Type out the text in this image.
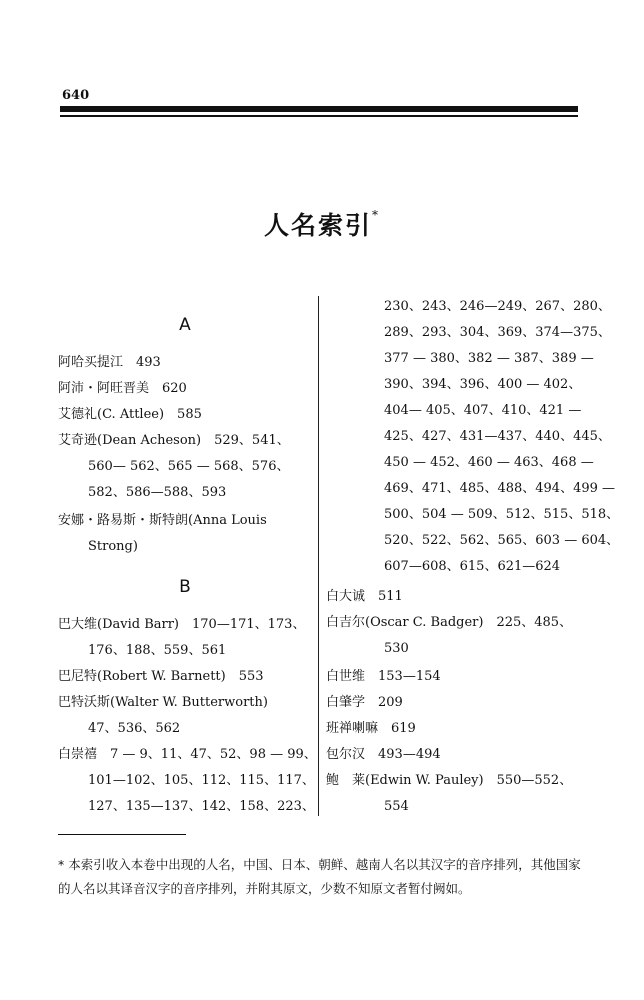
640
人名索引*
A
阿哈买提江　493
阿沛・阿旺晋美　620
艾德礼(C. Attlee)　585
艾奇逊(Dean Acheson)　529、541、
560— 562、565 — 568、576、
582、586—588、593
安娜・路易斯・斯特朗(Anna Louis
Strong)
B
巴大维(David Barr)　170—171、173、
176、188、559、561
巴尼特(Robert W. Barnett)　553
巴特沃斯(Walter W. Butterworth)
47、536、562
白崇禧　7 — 9、11、47、52、98 — 99、
101—102、105、112、115、117、
127、135—137、142、158、223、
230、243、246—249、267、280、
289、293、304、369、374—375、
377 — 380、382 — 387、389 —
390、394、396、400 — 402、
404— 405、407、410、421 —
425、427、431—437、440、445、
450 — 452、460 — 463、468 —
469、471、485、488、494、499 —
500、504 — 509、512、515、518、
520、522、562、565、603 — 604、
607—608、615、621—624
白大诚　511
白吉尔(Oscar C. Badger)　225、485、
530
白世维　153—154
白肇学　209
班禅喇嘛　619
包尔汉　493—494
鲍　莱(Edwin W. Pauley)　550—552、
554
* 本索引收入本卷中出现的人名，中国、日本、朝鲜、越南人名以其汉字的音序排列，其他国家的人名以其译音汉字的音序排列，并附其原文，少数不知原文者暂付阙如。
